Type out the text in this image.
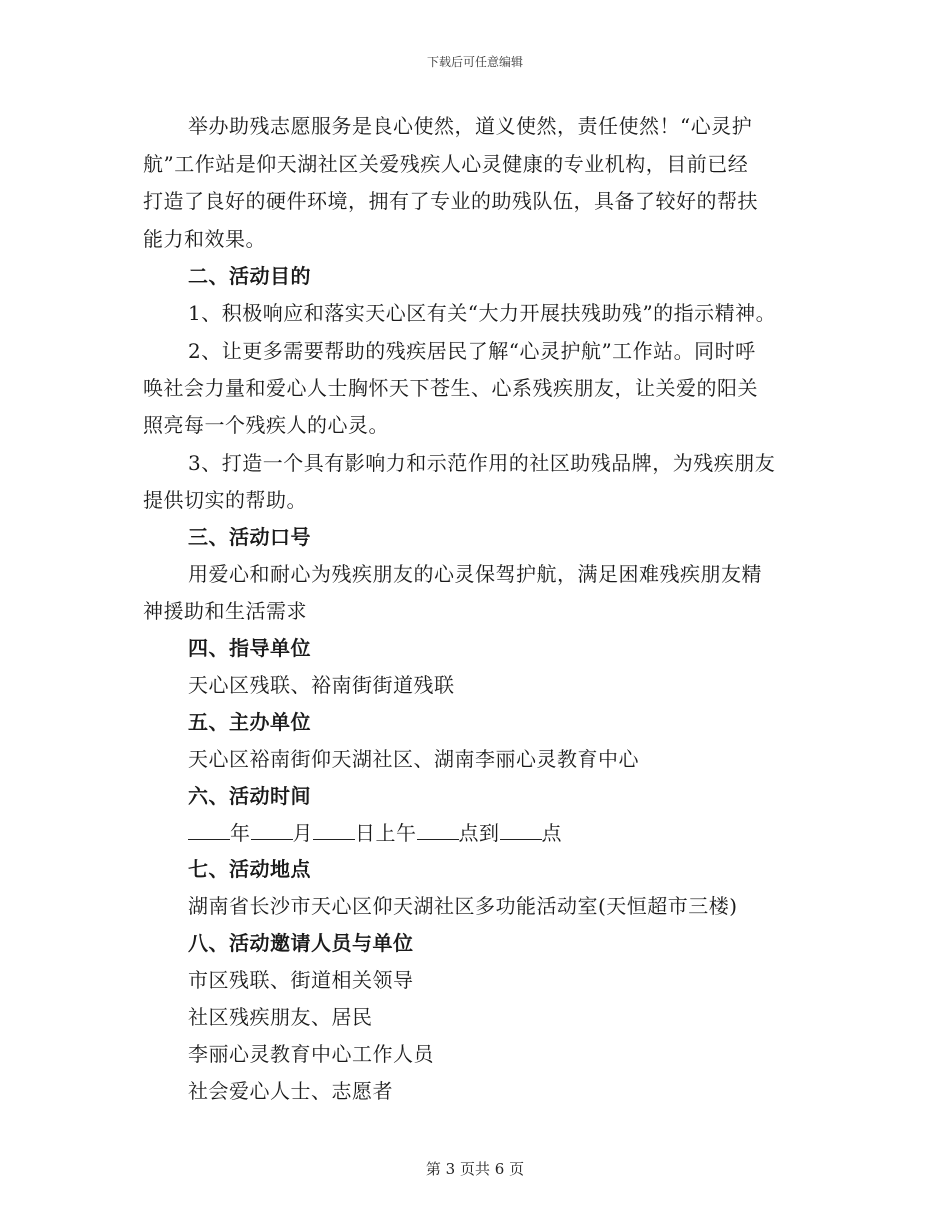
下载后可任意编辑
举办助残志愿服务是良心使然，道义使然，责任使然！“心灵护
航”工作站是仰天湖社区关爱残疾人心灵健康的专业机构，目前已经
打造了良好的硬件环境，拥有了专业的助残队伍，具备了较好的帮扶
能力和效果。
二、活动目的
1、积极响应和落实天心区有关“大力开展扶残助残”的指示精神。
2、让更多需要帮助的残疾居民了解“心灵护航”工作站。同时呼
唤社会力量和爱心人士胸怀天下苍生、心系残疾朋友，让关爱的阳关
照亮每一个残疾人的心灵。
3、打造一个具有影响力和示范作用的社区助残品牌，为残疾朋友
提供切实的帮助。
三、活动口号
用爱心和耐心为残疾朋友的心灵保驾护航，满足困难残疾朋友精
神援助和生活需求
四、指导单位
天心区残联、裕南街街道残联
五、主办单位
天心区裕南街仰天湖社区、湖南李丽心灵教育中心
六、活动时间
年 月 日上午 点到 点
七、活动地点
湖南省长沙市天心区仰天湖社区多功能活动室(天恒超市三楼)
八、活动邀请人员与单位
市区残联、街道相关领导
社区残疾朋友、居民
李丽心灵教育中心工作人员
社会爱心人士、志愿者
第 3 页共 6 页
